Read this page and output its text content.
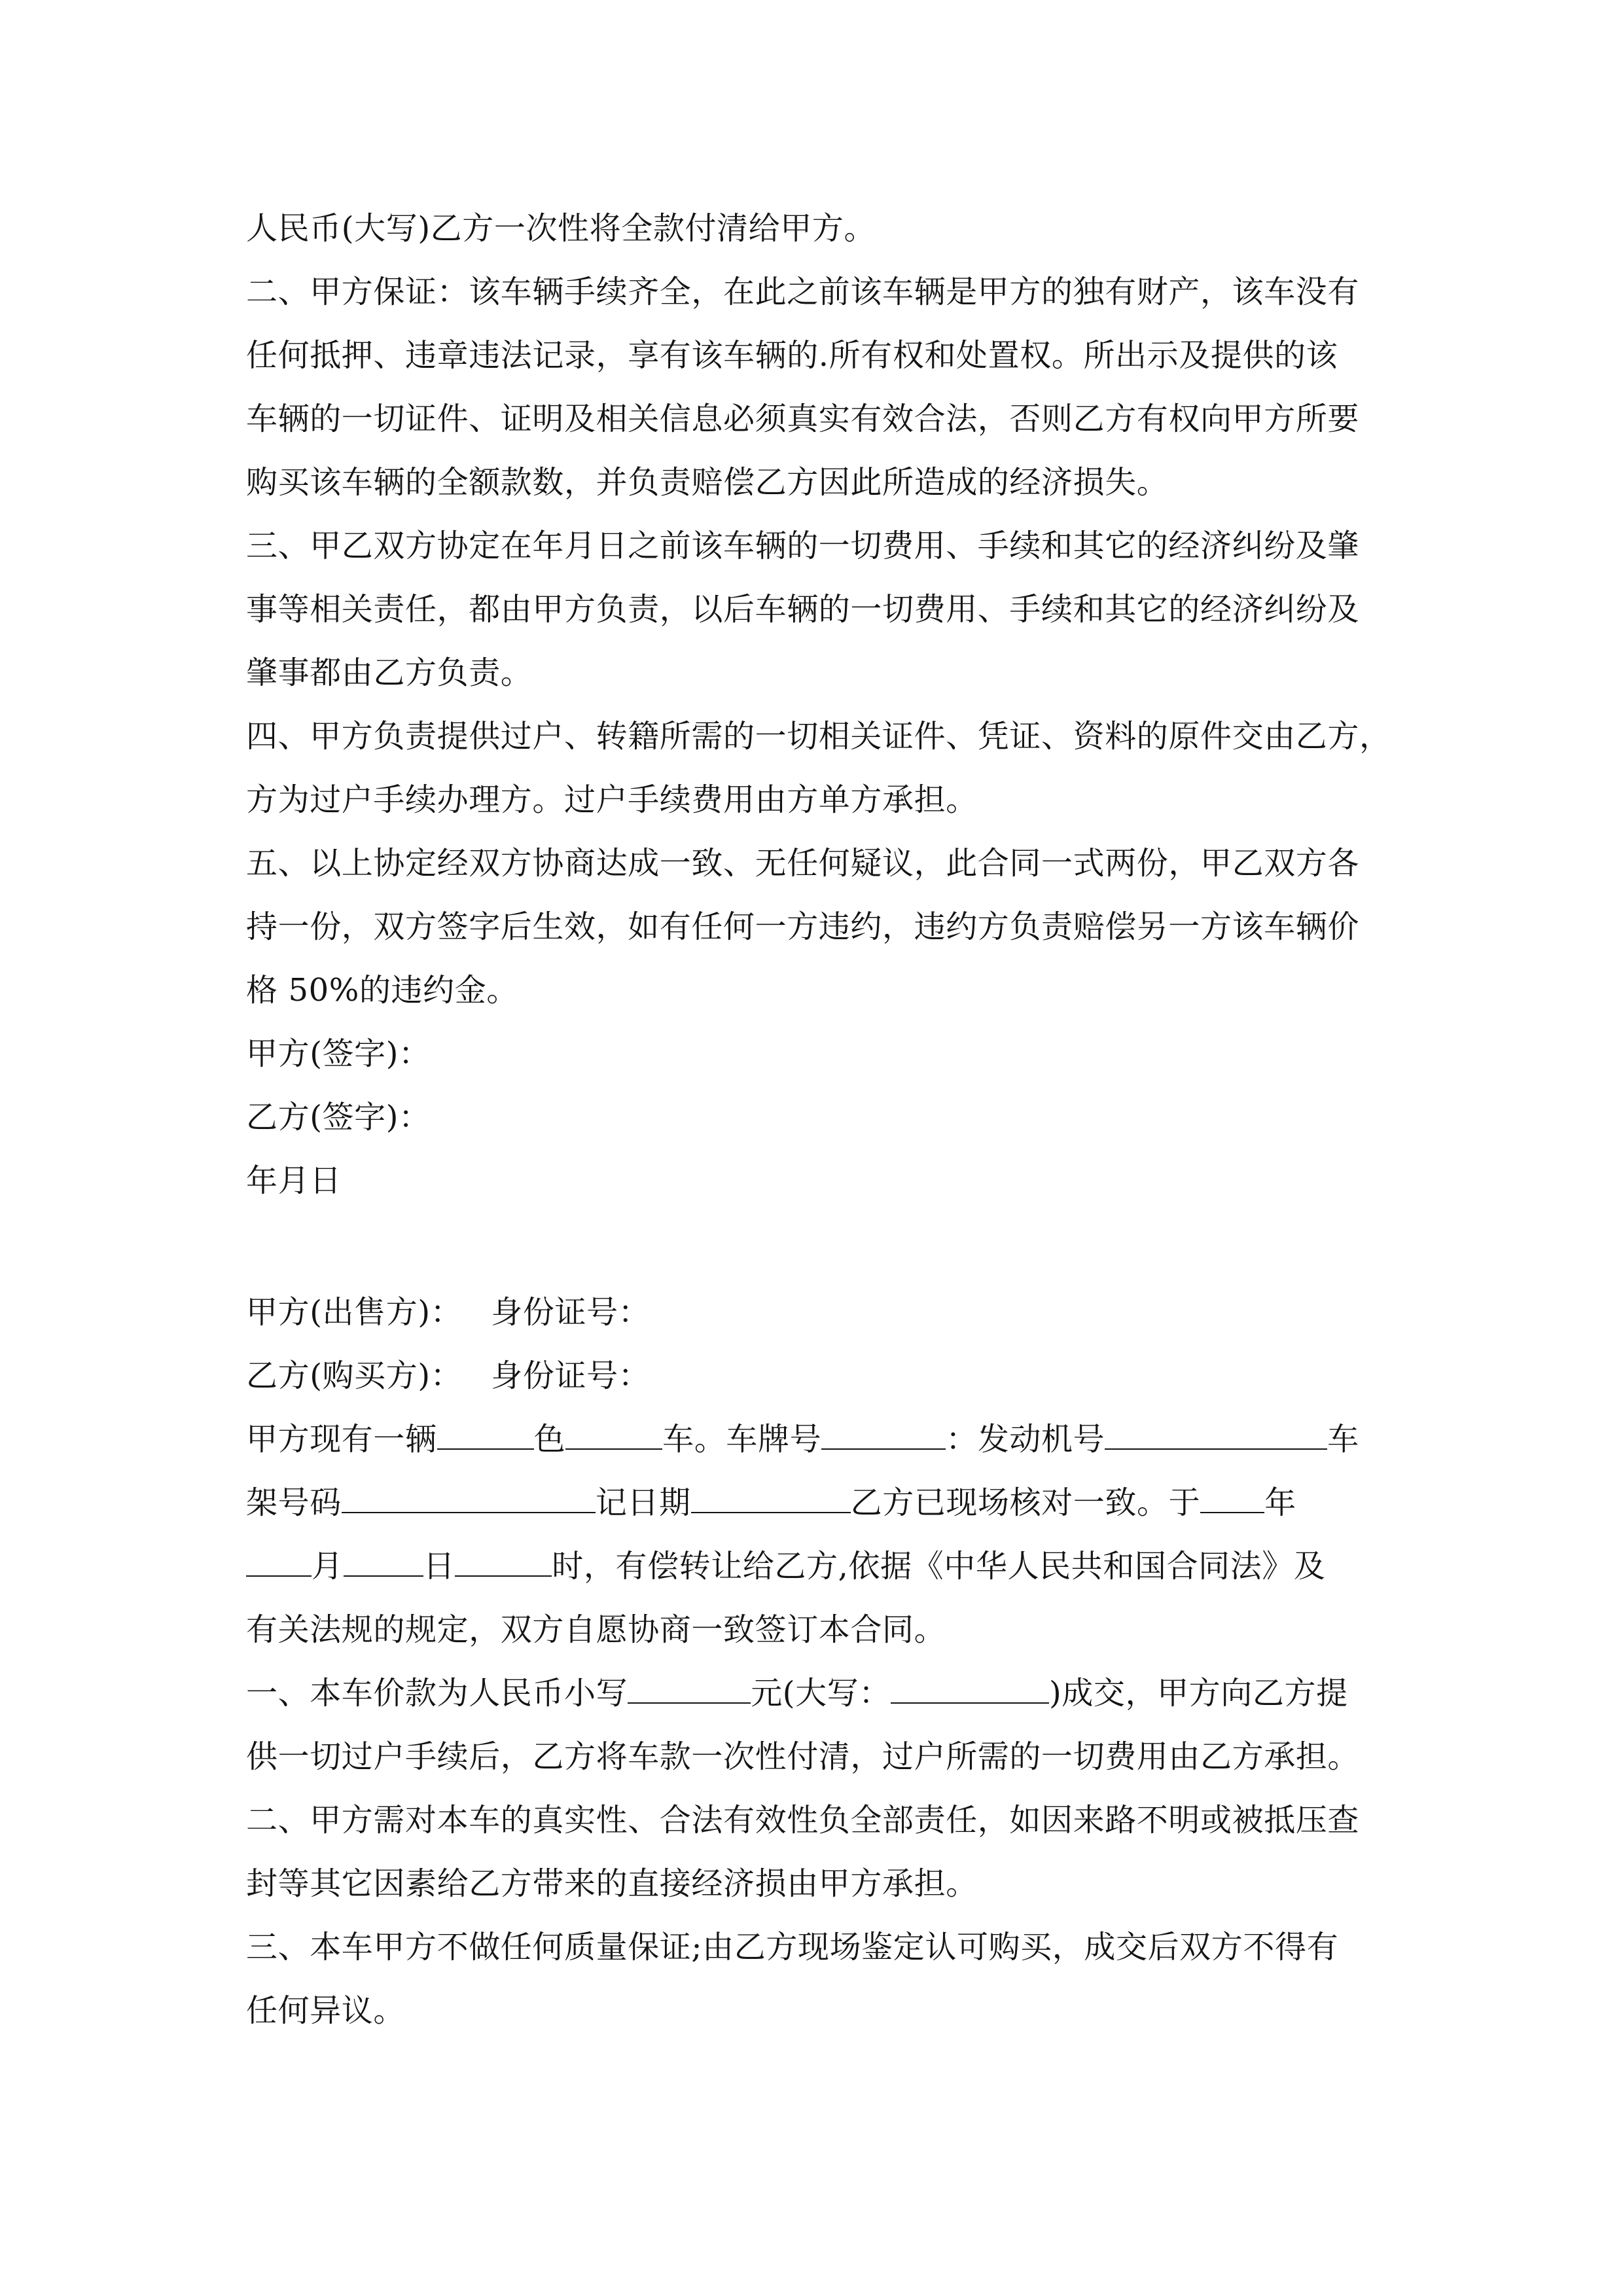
人民币(大写)乙方一次性将全款付清给甲方。
二、甲方保证：该车辆手续齐全，在此之前该车辆是甲方的独有财产，该车没有
任何抵押、违章违法记录，享有该车辆的.所有权和处置权。所出示及提供的该
车辆的一切证件、证明及相关信息必须真实有效合法，否则乙方有权向甲方所要
购买该车辆的全额款数，并负责赔偿乙方因此所造成的经济损失。
三、甲乙双方协定在年月日之前该车辆的一切费用、手续和其它的经济纠纷及肇
事等相关责任，都由甲方负责，以后车辆的一切费用、手续和其它的经济纠纷及
肇事都由乙方负责。
四、甲方负责提供过户、转籍所需的一切相关证件、凭证、资料的原件交由乙方，
方为过户手续办理方。过户手续费用由方单方承担。
五、以上协定经双方协商达成一致、无任何疑议，此合同一式两份，甲乙双方各
持一份，双方签字后生效，如有任何一方违约，违约方负责赔偿另一方该车辆价
格 50%的违约金。
甲方(签字)：
乙方(签字)：
年月日
甲方(出售方)： 身份证号：
乙方(购买方)： 身份证号：
甲方现有一辆	色	车。车牌号	：发动机号	车
架号码	记日期	乙方已现场核对一致。于 年
月	日	时，有偿转让给乙方,依据《中华人民共和国合同法》及
有关法规的规定，双方自愿协商一致签订本合同。
一、本车价款为人民币小写	元(大写：	)成交，甲方向乙方提
供一切过户手续后，乙方将车款一次性付清，过户所需的一切费用由乙方承担。
二、甲方需对本车的真实性、合法有效性负全部责任，如因来路不明或被抵压查
封等其它因素给乙方带来的直接经济损由甲方承担。
三、本车甲方不做任何质量保证;由乙方现场鉴定认可购买，成交后双方不得有
任何异议。
